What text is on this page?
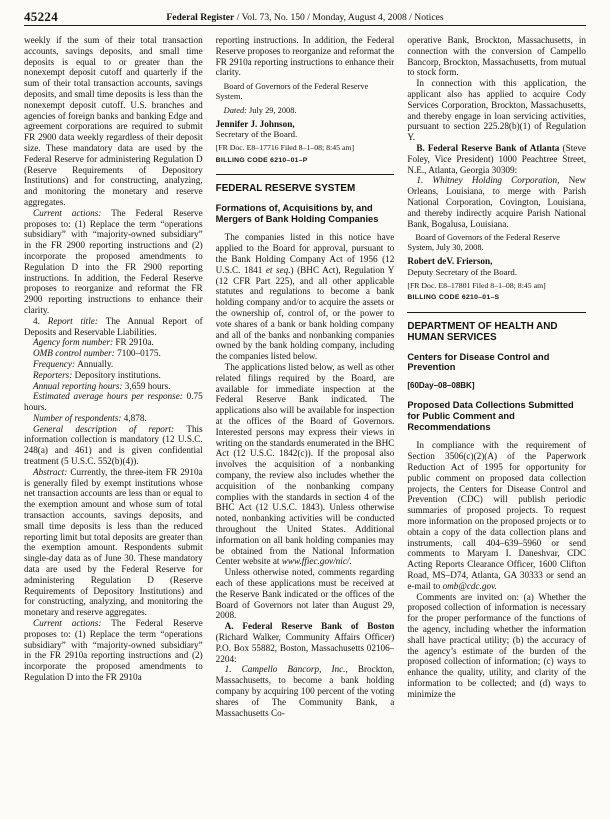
45224	Federal Register / Vol. 73, No. 150 / Monday, August 4, 2008 / Notices
weekly if the sum of their total transaction accounts, savings deposits, and small time deposits is equal to or greater than the nonexempt deposit cutoff and quarterly if the sum of their total transaction accounts, savings deposits, and small time deposits is less than the nonexempt deposit cutoff. U.S. branches and agencies of foreign banks and banking Edge and agreement corporations are required to submit FR 2900 data weekly regardless of their deposit size. These mandatory data are used by the Federal Reserve for administering Regulation D (Reserve Requirements of Depository Institutions) and for constructing, analyzing, and monitoring the monetary and reserve aggregates.
Current actions: The Federal Reserve proposes to: (1) Replace the term “operations subsidiary” with “majority-owned subsidiary” in the FR 2900 reporting instructions and (2) incorporate the proposed amendments to Regulation D into the FR 2900 reporting instructions. In addition, the Federal Reserve proposes to reorganize and reformat the FR 2900 reporting instructions to enhance their clarity.
4. Report title: The Annual Report of Deposits and Reservable Liabilities.
Agency form number: FR 2910a.
OMB control number: 7100–0175.
Frequency: Annually.
Reporters: Depository institutions.
Annual reporting hours: 3,659 hours.
Estimated average hours per response: 0.75 hours.
Number of respondents: 4,878.
General description of report: This information collection is mandatory (12 U.S.C. 248(a) and 461) and is given confidential treatment (5 U.S.C. 552(b)(4)).
Abstract: Currently, the three-item FR 2910a is generally filed by exempt institutions whose net transaction accounts are less than or equal to the exemption amount and whose sum of total transaction accounts, savings deposits, and small time deposits is less than the reduced reporting limit but total deposits are greater than the exemption amount. Respondents submit single-day data as of June 30. These mandatory data are used by the Federal Reserve for administering Regulation D (Reserve Requirements of Depository Institutions) and for constructing, analyzing, and monitoring the monetary and reserve aggregates.
Current actions: The Federal Reserve proposes to: (1) Replace the term “operations subsidiary” with “majority-owned subsidiary” in the FR 2910a reporting instructions and (2) incorporate the proposed amendments to Regulation D into the FR 2910a
reporting instructions. In addition, the Federal Reserve proposes to reorganize and reformat the FR 2910a reporting instructions to enhance their clarity.
Board of Governors of the Federal Reserve System.
Dated: July 29, 2008.
Jennifer J. Johnson,
Secretary of the Board.
[FR Doc. E8–17716 Filed 8–1–08; 8:45 am]
BILLING CODE 6210–01–P
FEDERAL RESERVE SYSTEM
Formations of, Acquisitions by, and Mergers of Bank Holding Companies
The companies listed in this notice have applied to the Board for approval, pursuant to the Bank Holding Company Act of 1956 (12 U.S.C. 1841 et seq.) (BHC Act), Regulation Y (12 CFR Part 225), and all other applicable statutes and regulations to become a bank holding company and/or to acquire the assets or the ownership of, control of, or the power to vote shares of a bank or bank holding company and all of the banks and nonbanking companies owned by the bank holding company, including the companies listed below.
The applications listed below, as well as other related filings required by the Board, are available for immediate inspection at the Federal Reserve Bank indicated. The applications also will be available for inspection at the offices of the Board of Governors. Interested persons may express their views in writing on the standards enumerated in the BHC Act (12 U.S.C. 1842(c)). If the proposal also involves the acquisition of a nonbanking company, the review also includes whether the acquisition of the nonbanking company complies with the standards in section 4 of the BHC Act (12 U.S.C. 1843). Unless otherwise noted, nonbanking activities will be conducted throughout the United States. Additional information on all bank holding companies may be obtained from the National Information Center website at www.ffiec.gov/nic/.
Unless otherwise noted, comments regarding each of these applications must be received at the Reserve Bank indicated or the offices of the Board of Governors not later than August 29, 2008.
A. Federal Reserve Bank of Boston (Richard Walker, Community Affairs Officer) P.O. Box 55882, Boston, Massachusetts 02106–2204:
1. Campello Bancorp, Inc., Brockton, Massachusetts, to become a bank holding company by acquiring 100 percent of the voting shares of The Community Bank, a Massachusetts Co-
operative Bank, Brockton, Massachusetts, in connection with the conversion of Campello Bancorp, Brockton, Massachusetts, from mutual to stock form.
In connection with this application, the applicant also has applied to acquire Cody Services Corporation, Brockton, Massachusetts, and thereby engage in loan servicing activities, pursuant to section 225.28(b)(1) of Regulation Y.
B. Federal Reserve Bank of Atlanta (Steve Foley, Vice President) 1000 Peachtree Street, N.E., Atlanta, Georgia 30309:
1. Whitney Holding Corporation, New Orleans, Louisiana, to merge with Parish National Corporation, Covington, Louisiana, and thereby indirectly acquire Parish National Bank, Bogalusa, Louisiana.
Board of Governors of the Federal Reserve System, July 30, 2008.
Robert deV. Frierson,
Deputy Secretary of the Board.
[FR Doc. E8–17801 Filed 8–1–08; 8:45 am]
BILLING CODE 6210–01–S
DEPARTMENT OF HEALTH AND HUMAN SERVICES
Centers for Disease Control and Prevention
[60Day–08–08BK]
Proposed Data Collections Submitted for Public Comment and Recommendations
In compliance with the requirement of Section 3506(c)(2)(A) of the Paperwork Reduction Act of 1995 for opportunity for public comment on proposed data collection projects, the Centers for Disease Control and Prevention (CDC) will publish periodic summaries of proposed projects. To request more information on the proposed projects or to obtain a copy of the data collection plans and instruments, call 404–639–5960 or send comments to Maryam I. Daneshvar, CDC Acting Reports Clearance Officer, 1600 Clifton Road, MS–D74, Atlanta, GA 30333 or send an e-mail to omb@cdc.gov.
Comments are invited on: (a) Whether the proposed collection of information is necessary for the proper performance of the functions of the agency, including whether the information shall have practical utility; (b) the accuracy of the agency’s estimate of the burden of the proposed collection of information; (c) ways to enhance the quality, utility, and clarity of the information to be collected; and (d) ways to minimize the
